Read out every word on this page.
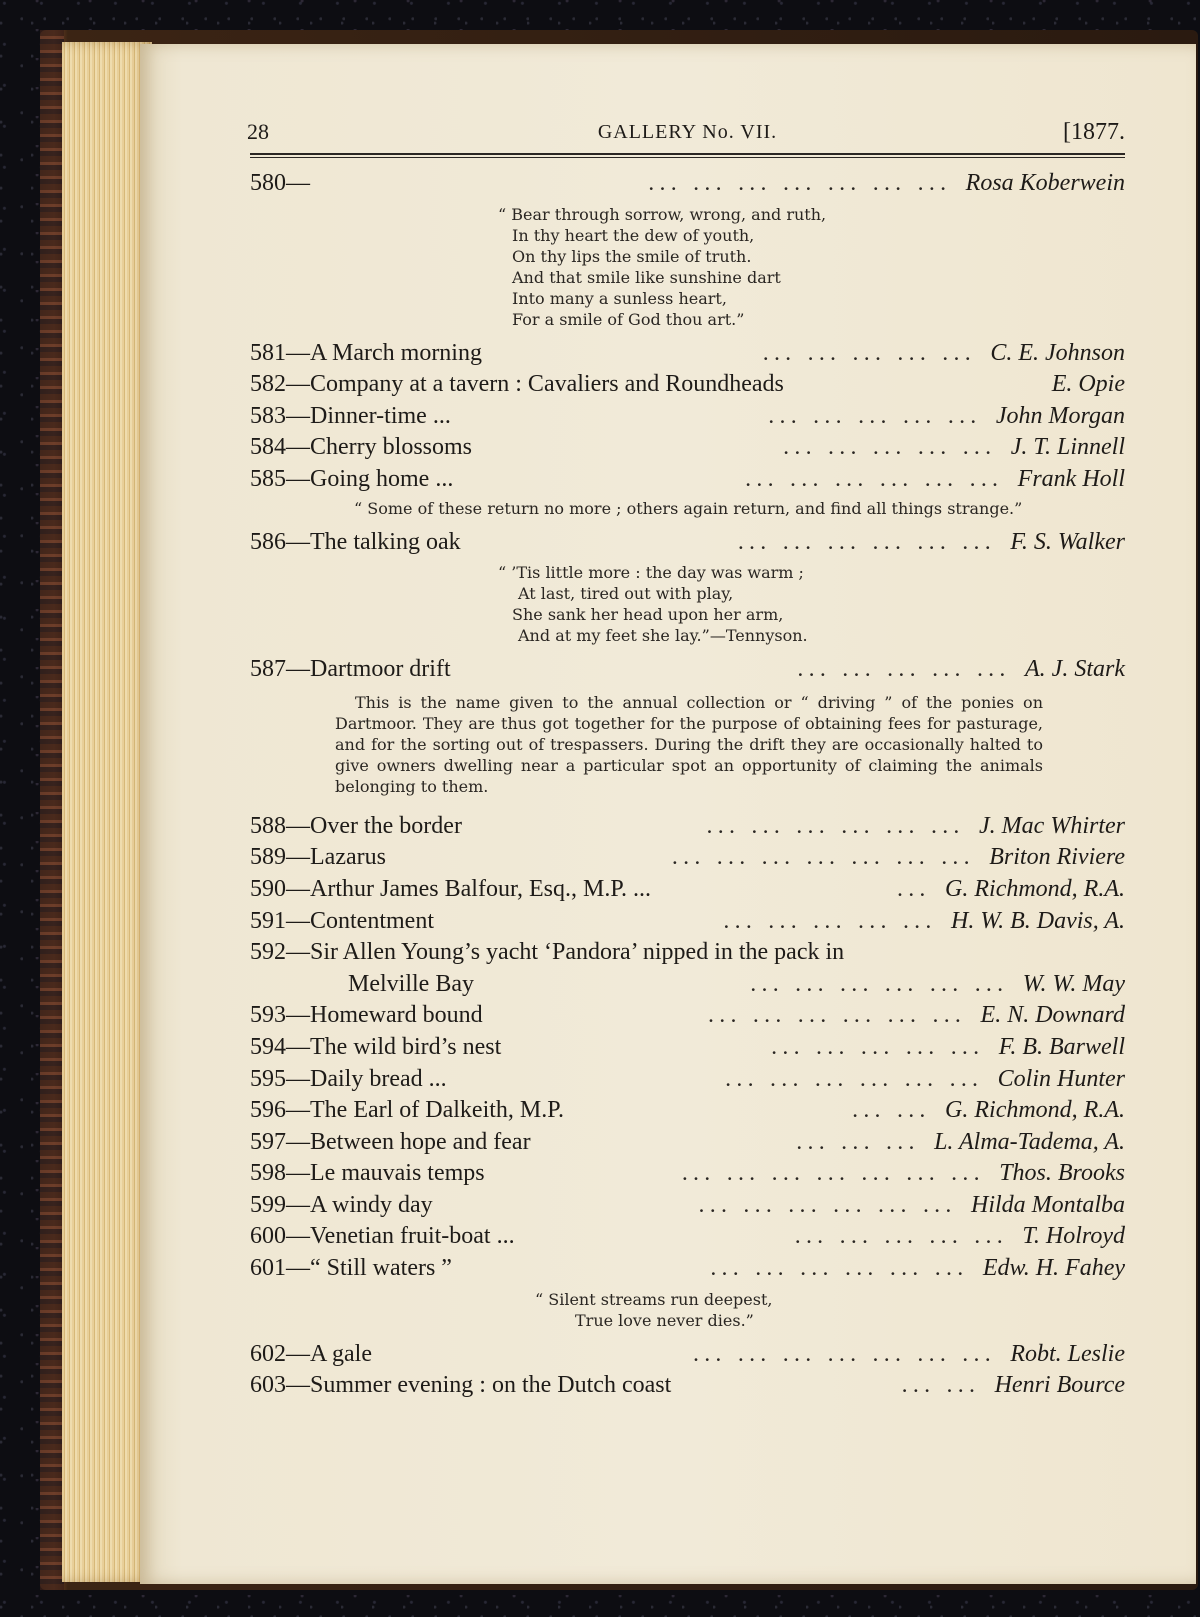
28	GALLERY No. VII.	[1877.
580—	... ... ... ... ... ... ... Rosa Koberwein
“ Bear through sorrow, wrong, and ruth,
In thy heart the dew of youth,
On thy lips the smile of truth.
And that smile like sunshine dart
Into many a sunless heart,
For a smile of God thou art.”
581—A March morning	... ... ... ... ... C. E. Johnson
582—Company at a tavern : Cavaliers and Roundheads	E. Opie
583—Dinner-time ...	... ... ... ... ... John Morgan
584—Cherry blossoms	... ... ... ... ... J. T. Linnell
585—Going home ...	... ... ... ... ... ... Frank Holl
“ Some of these return no more ; others again return, and find all things strange.”
586—The talking oak	... ... ... ... ... ... F. S. Walker
“ ’Tis little more : the day was warm ;
At last, tired out with play,
She sank her head upon her arm,
And at my feet she lay.”—Tennyson.
587—Dartmoor drift	... ... ... ... ... A. J. Stark
This is the name given to the annual collection or “ driving ” of the ponies on Dartmoor. They are thus got together for the purpose of obtaining fees for pasturage, and for the sorting out of trespassers. During the drift they are occasionally halted to give owners dwelling near a particular spot an opportunity of claiming the animals belonging to them.
588—Over the border	... ... ... ... ... ... J. Mac Whirter
589—Lazarus	... ... ... ... ... ... ... Briton Riviere
590—Arthur James Balfour, Esq., M.P. ...	... G. Richmond, R.A.
591—Contentment	... ... ... ... ... H. W. B. Davis, A.
592—Sir Allen Young’s yacht ‘Pandora’ nipped in the pack in
Melville Bay	... ... ... ... ... ... W. W. May
593—Homeward bound	... ... ... ... ... ... E. N. Downard
594—The wild bird’s nest	... ... ... ... ... F. B. Barwell
595—Daily bread ...	... ... ... ... ... ... Colin Hunter
596—The Earl of Dalkeith, M.P.	... ... G. Richmond, R.A.
597—Between hope and fear	... ... ... L. Alma-Tadema, A.
598—Le mauvais temps	... ... ... ... ... ... ... Thos. Brooks
599—A windy day	... ... ... ... ... ... Hilda Montalba
600—Venetian fruit-boat ...	... ... ... ... ... T. Holroyd
601—“ Still waters ”	... ... ... ... ... ... Edw. H. Fahey
“ Silent streams run deepest,
True love never dies.”
602—A gale	... ... ... ... ... ... ... Robt. Leslie
603—Summer evening : on the Dutch coast	... ... Henri Bource
